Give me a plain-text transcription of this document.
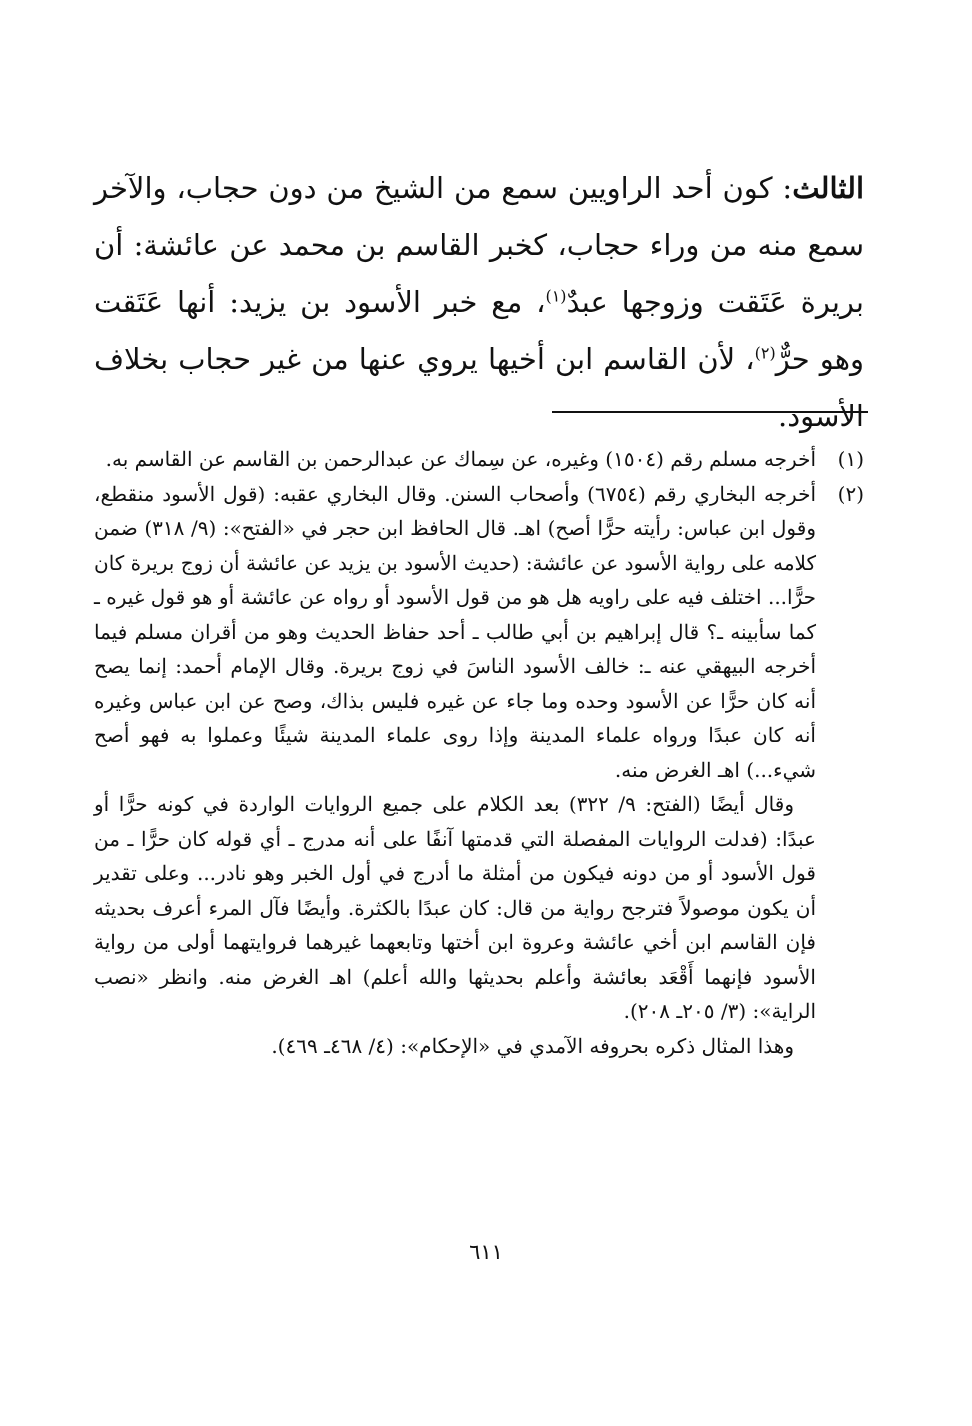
الثالث: كون أحد الراويين سمع من الشيخ من دون حجاب، والآخر سمع منه من وراء حجاب، كخبر القاسم بن محمد عن عائشة: أن بريرة عَتَقت وزوجها عبدٌ$^{(١)}$، مع خبر الأسود بن يزيد: أنها عَتَقت وهو حرٌّ$^{(٢)}$، لأن القاسم ابن أخيها يروي عنها من غير حجاب بخلاف الأسود.

(١)
أخرجه مسلم رقم (١٥٠٤) وغيره، عن سِماك عن عبدالرحمن بن القاسم عن القاسم به.
(٢)
أخرجه البخاري رقم (٦٧٥٤) وأصحاب السنن. وقال البخاري عقبه: (قول الأسود منقطع، وقول ابن عباس: رأيته حرًّا أصح) اهـ. قال الحافظ ابن حجر في «الفتح»: (٩/ ٣١٨) ضمن كلامه على رواية الأسود عن عائشة: (حديث الأسود بن يزيد عن عائشة أن زوج بريرة كان حرًّا... اختلف فيه على راويه هل هو من قول الأسود أو رواه عن عائشة أو هو قول غيره ـ كما سأبينه ـ؟ قال إبراهيم بن أبي طالب ـ أحد حفاظ الحديث وهو من أقران مسلم فيما أخرجه البيهقي عنه ـ: خالف الأسود الناسَ في زوج بريرة. وقال الإمام أحمد: إنما يصح أنه كان حرًّا عن الأسود وحده وما جاء عن غيره فليس بذاك، وصح عن ابن عباس وغيره أنه كان عبدًا ورواه علماء المدينة وإذا روى علماء المدينة شيئًا وعملوا به فهو أصح شيء...) اهـ الغرض منه.

وقال أيضًا (الفتح: ٩/ ٣٢٢) بعد الكلام على جميع الروايات الواردة في كونه حرًّا أو عبدًا: (فدلت الروايات المفصلة التي قدمتها آنفًا على أنه مدرج ـ أي قوله كان حرًّا ـ من قول الأسود أو من دونه فيكون من أمثلة ما أدرج في أول الخبر وهو نادر... وعلى تقدير أن يكون موصولاً فترجح رواية من قال: كان عبدًا بالكثرة. وأيضًا فآل المرء أعرف بحديثه فإن القاسم ابن أخي عائشة وعروة ابن أختها وتابعهما غيرهما فروايتهما أولى من رواية الأسود فإنهما أَقْعَد بعائشة وأعلم بحديثها والله أعلم) اهـ الغرض منه. وانظر «نصب الراية»: (٣/ ٢٠٥ـ ٢٠٨).

وهذا المثال ذكره بحروفه الآمدي في «الإحكام»: (٤/ ٤٦٨ـ ٤٦٩).

٦١١
